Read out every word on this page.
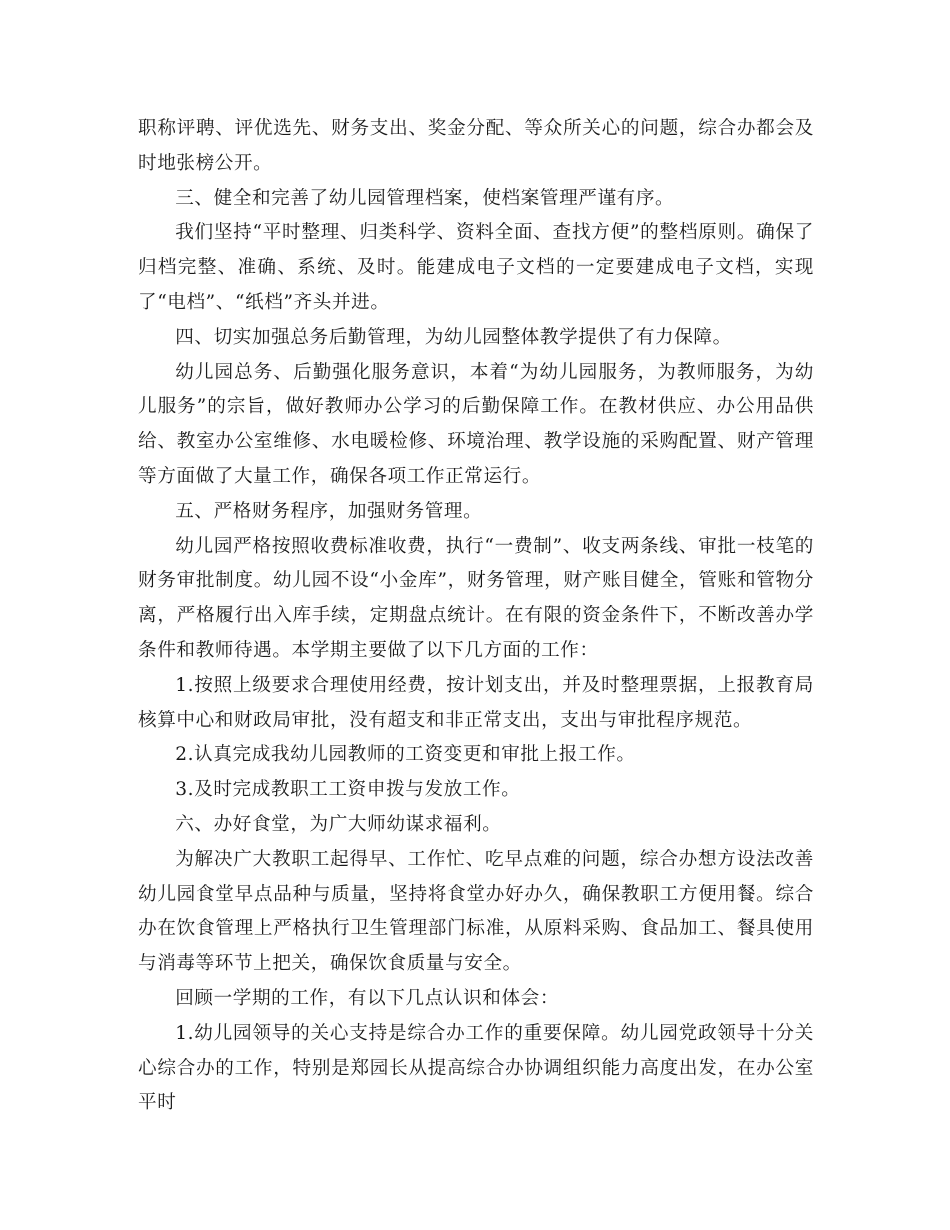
职称评聘、评优选先、财务支出、奖金分配、等众所关心的问题，综合办都会及时地张榜公开。

三、健全和完善了幼儿园管理档案，使档案管理严谨有序。

我们坚持“平时整理、归类科学、资料全面、查找方便”的整档原则。确保了归档完整、准确、系统、及时。能建成电子文档的一定要建成电子文档，实现了“电档”、“纸档”齐头并进。

四、切实加强总务后勤管理，为幼儿园整体教学提供了有力保障。

幼儿园总务、后勤强化服务意识，本着“为幼儿园服务，为教师服务，为幼儿服务”的宗旨，做好教师办公学习的后勤保障工作。在教材供应、办公用品供给、教室办公室维修、水电暖检修、环境治理、教学设施的采购配置、财产管理等方面做了大量工作，确保各项工作正常运行。

五、严格财务程序，加强财务管理。

幼儿园严格按照收费标准收费，执行“一费制”、收支两条线、审批一枝笔的财务审批制度。幼儿园不设“小金库”，财务管理，财产账目健全，管账和管物分离，严格履行出入库手续，定期盘点统计。在有限的资金条件下，不断改善办学条件和教师待遇。本学期主要做了以下几方面的工作：

1.按照上级要求合理使用经费，按计划支出，并及时整理票据，上报教育局核算中心和财政局审批，没有超支和非正常支出，支出与审批程序规范。

2.认真完成我幼儿园教师的工资变更和审批上报工作。

3.及时完成教职工工资申拨与发放工作。

六、办好食堂，为广大师幼谋求福利。

为解决广大教职工起得早、工作忙、吃早点难的问题，综合办想方设法改善幼儿园食堂早点品种与质量，坚持将食堂办好办久，确保教职工方便用餐。综合办在饮食管理上严格执行卫生管理部门标准，从原料采购、食品加工、餐具使用与消毒等环节上把关，确保饮食质量与安全。

回顾一学期的工作，有以下几点认识和体会：

1.幼儿园领导的关心支持是综合办工作的重要保障。幼儿园党政领导十分关心综合办的工作，特别是郑园长从提高综合办协调组织能力高度出发，在办公室平时
